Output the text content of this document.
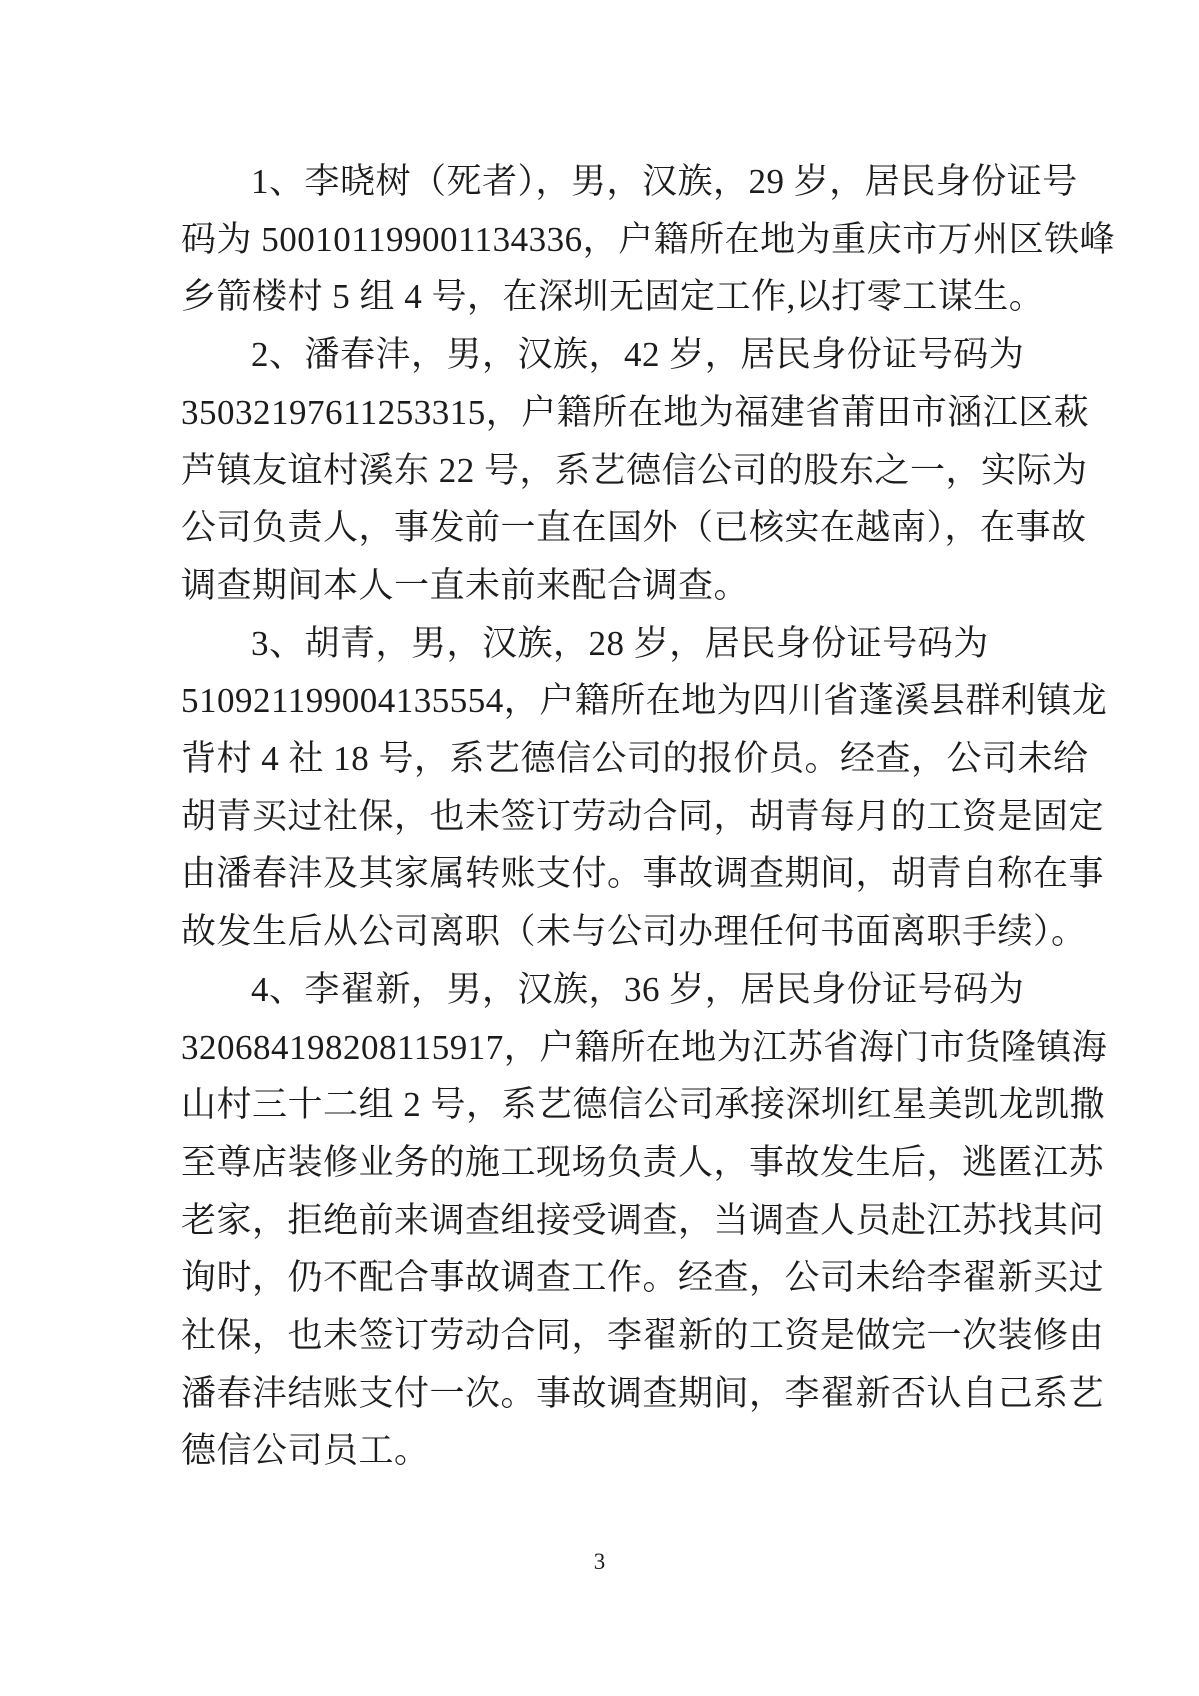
1、李晓树（死者），男，汉族，29 岁，居民身份证号
码为 500101199001134336，户籍所在地为重庆市万州区铁峰
乡箭楼村 5 组 4 号，在深圳无固定工作,以打零工谋生。

2、潘春沣，男，汉族，42 岁，居民身份证号码为
35032197611253315，户籍所在地为福建省莆田市涵江区萩
芦镇友谊村溪东 22 号，系艺德信公司的股东之一，实际为
公司负责人，事发前一直在国外（已核实在越南），在事故
调查期间本人一直未前来配合调查。

3、胡青，男，汉族，28 岁，居民身份证号码为
510921199004135554，户籍所在地为四川省蓬溪县群利镇龙
背村 4 社 18 号，系艺德信公司的报价员。经查，公司未给
胡青买过社保，也未签订劳动合同，胡青每月的工资是固定
由潘春沣及其家属转账支付。事故调查期间，胡青自称在事
故发生后从公司离职（未与公司办理任何书面离职手续）。

4、李翟新，男，汉族，36 岁，居民身份证号码为
320684198208115917，户籍所在地为江苏省海门市货隆镇海
山村三十二组 2 号，系艺德信公司承接深圳红星美凯龙凯撒
至尊店装修业务的施工现场负责人，事故发生后，逃匿江苏
老家，拒绝前来调查组接受调查，当调查人员赴江苏找其问
询时，仍不配合事故调查工作。经查，公司未给李翟新买过
社保，也未签订劳动合同，李翟新的工资是做完一次装修由
潘春沣结账支付一次。事故调查期间，李翟新否认自己系艺
德信公司员工。

3
